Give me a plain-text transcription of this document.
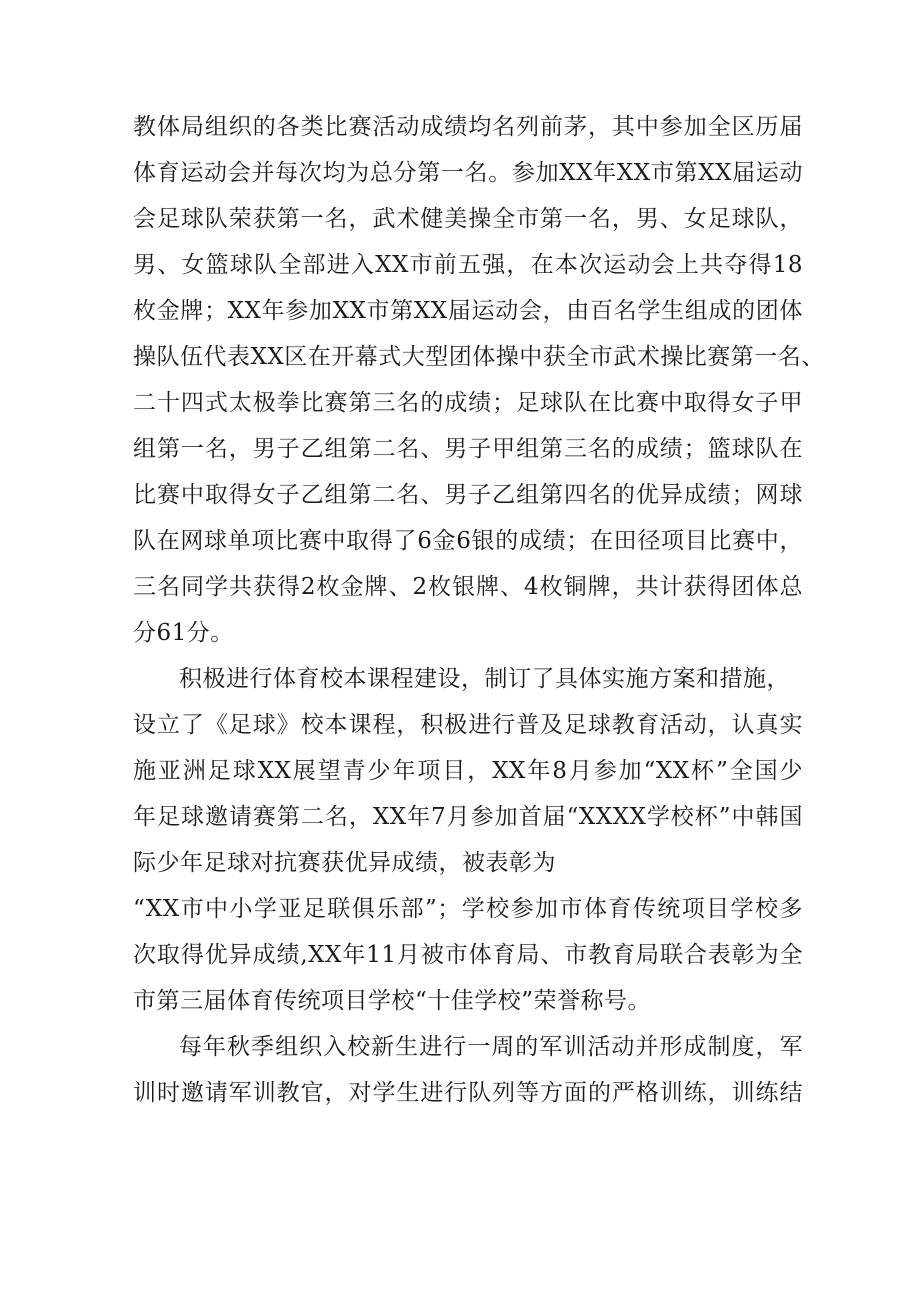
教体局组织的各类比赛活动成绩均名列前茅，其中参加全区历届
体育运动会并每次均为总分第一名。参加XX年XX市第XX届运动
会足球队荣获第一名，武术健美操全市第一名，男、女足球队，
男、女篮球队全部进入XX市前五强，在本次运动会上共夺得18
枚金牌；XX年参加XX市第XX届运动会，由百名学生组成的团体
操队伍代表XX区在开幕式大型团体操中获全市武术操比赛第一名、
二十四式太极拳比赛第三名的成绩；足球队在比赛中取得女子甲
组第一名，男子乙组第二名、男子甲组第三名的成绩；篮球队在
比赛中取得女子乙组第二名、男子乙组第四名的优异成绩；网球
队在网球单项比赛中取得了6金6银的成绩；在田径项目比赛中，
三名同学共获得2枚金牌、2枚银牌、4枚铜牌，共计获得团体总
分61分。
积极进行体育校本课程建设，制订了具体实施方案和措施，
设立了《足球》校本课程，积极进行普及足球教育活动，认真实
施亚洲足球XX展望青少年项目，XX年8月参加“XX杯”全国少
年足球邀请赛第二名，XX年7月参加首届“XXXX学校杯”中韩国
际少年足球对抗赛获优异成绩，被表彰为
“XX市中小学亚足联俱乐部”；学校参加市体育传统项目学校多
次取得优异成绩,XX年11月被市体育局、市教育局联合表彰为全
市第三届体育传统项目学校“十佳学校”荣誉称号。
每年秋季组织入校新生进行一周的军训活动并形成制度，军
训时邀请军训教官，对学生进行队列等方面的严格训练，训练结
